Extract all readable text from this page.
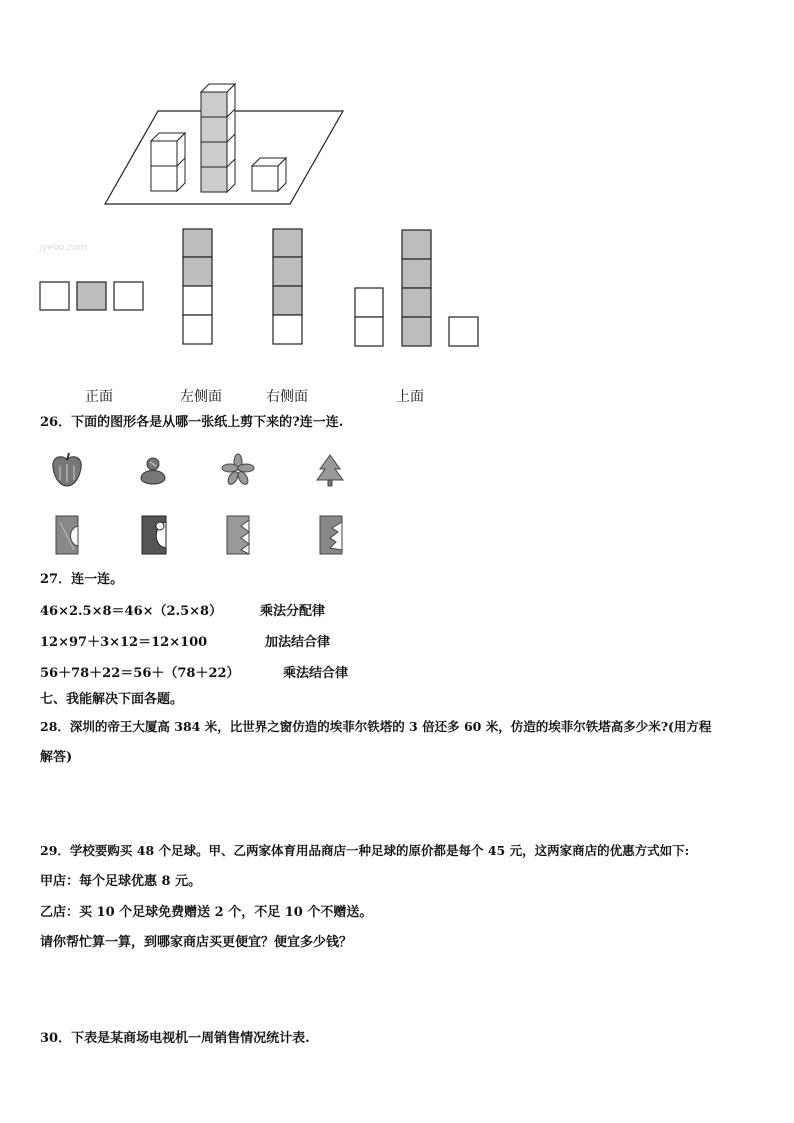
Jyeoo.com
正面	左侧面	右侧面	上面
26．下面的图形各是从哪一张纸上剪下来的?连一连.
27．连一连。
46×2.5×8＝46×（2.5×8）	乘法分配律
12×97＋3×12＝12×100	加法结合律
56＋78＋22＝56＋（78＋22）	乘法结合律
七、我能解决下面各题。
28．深圳的帝王大厦高 384 米，比世界之窗仿造的埃菲尔铁塔的 3 倍还多 60 米，仿造的埃菲尔铁塔高多少米?(用方程
解答)
29．学校要购买 48 个足球。甲、乙两家体育用品商店一种足球的原价都是每个 45 元，这两家商店的优惠方式如下:
甲店：每个足球优惠 8 元。
乙店：买 10 个足球免费赠送 2 个，不足 10 个不赠送。
请你帮忙算一算，到哪家商店买更便宜？便宜多少钱？
30．下表是某商场电视机一周销售情况统计表.
